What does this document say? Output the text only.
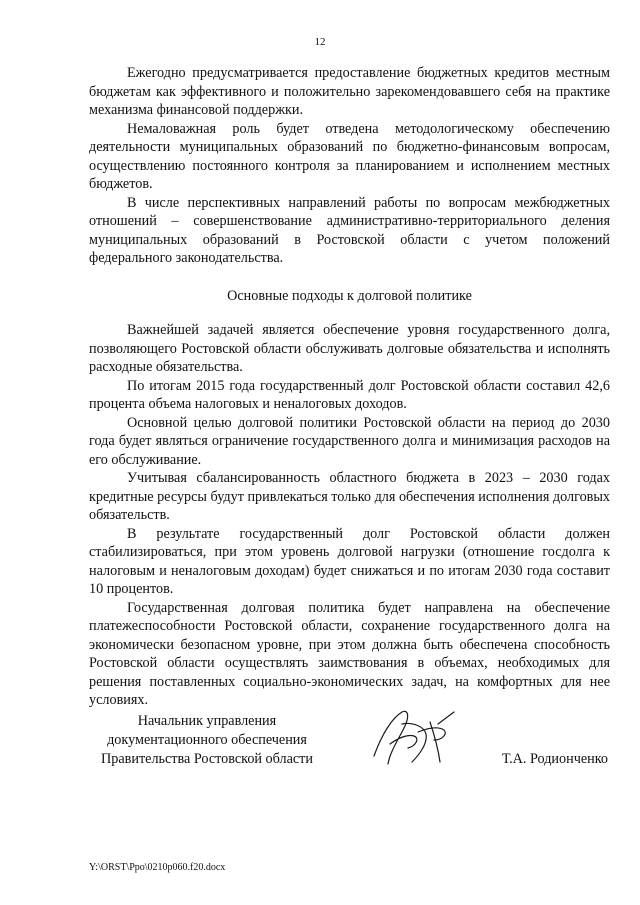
12

Ежегодно предусматривается предоставление бюджетных кредитов местным бюджетам как эффективного и положительно зарекомендовавшего себя на практике механизма финансовой поддержки.

Немаловажная роль будет отведена методологическому обеспечению деятельности муниципальных образований по бюджетно-финансовым вопросам, осуществлению постоянного контроля за планированием и исполнением местных бюджетов.

В числе перспективных направлений работы по вопросам межбюджетных отношений – совершенствование административно-территориального деления муниципальных образований в Ростовской области с учетом положений федерального законодательства.

Основные подходы к долговой политике

Важнейшей задачей является обеспечение уровня государственного долга, позволяющего Ростовской области обслуживать долговые обязательства и исполнять расходные обязательства.

По итогам 2015 года государственный долг Ростовской области составил 42,6 процента объема налоговых и неналоговых доходов.

Основной целью долговой политики Ростовской области на период до 2030 года будет являться ограничение государственного долга и минимизация расходов на его обслуживание.

Учитывая сбалансированность областного бюджета в 2023 – 2030 годах кредитные ресурсы будут привлекаться только для обеспечения исполнения долговых обязательств.

В результате государственный долг Ростовской области должен стабилизироваться, при этом уровень долговой нагрузки (отношение госдолга к налоговым и неналоговым доходам) будет снижаться и по итогам 2030 года составит 10 процентов.

Государственная долговая политика будет направлена на обеспечение платежеспособности Ростовской области, сохранение государственного долга на экономически безопасном уровне, при этом должна быть обеспечена способность Ростовской области осуществлять заимствования в объемах, необходимых для решения поставленных социально-экономических задач, на комфортных для нее условиях.

Начальник управления
документационного обеспечения
Правительства Ростовской области	Т.А. Родионченко
Y:\ORST\Ppo\0210p060.f20.docx
